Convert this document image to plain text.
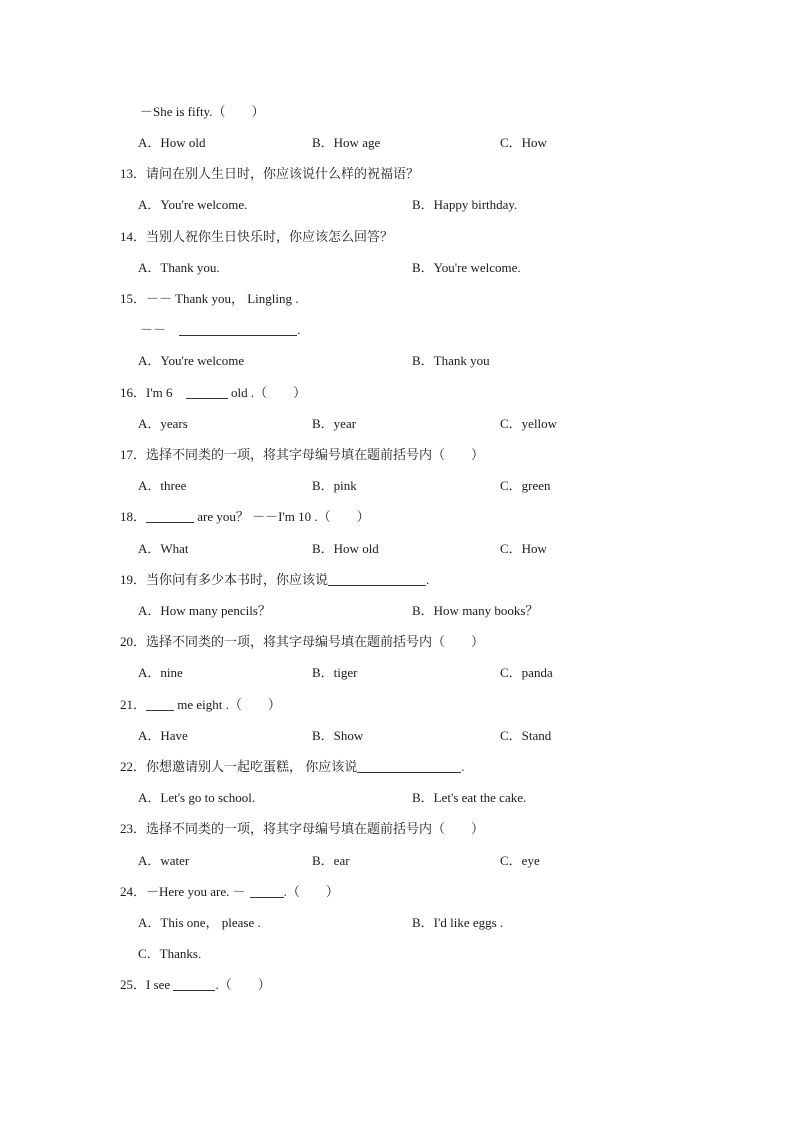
－She is fifty.（　　）
A．How old	B．How age	C．How
13．请问在别人生日时，你应该说什么样的祝福语？
A．You're welcome.	B．Happy birthday.
14．当别人祝你生日快乐时，你应该怎么回答？
A．Thank you.	B．You're welcome.
15．－－ Thank you， Lingling .
－－	.
A．You're welcome	B．Thank you
16．I'm 6	old .（　　）
A．years	B．year	C．yellow
17．选择不同类的一项，将其字母编号填在题前括号内（　　）
A．three	B．pink	C．green
18．	are you？ －－I'm 10 .（　　）
A．What	B．How old	C．How
19．当你问有多少本书时，你应该说	.
A．How many pencils？	B．How many books？
20．选择不同类的一项，将其字母编号填在题前括号内（　　）
A．nine	B．tiger	C．panda
21． me eight .（　　）
A．Have	B．Show	C．Stand
22．你想邀请别人一起吃蛋糕， 你应该说	.
A．Let's go to school.	B．Let's eat the cake.
23．选择不同类的一项，将其字母编号填在题前括号内（　　）
A．water	B．ear	C．eye
24．－Here you are. －	.（　　）
A．This one， please .	B．I'd like eggs .
C．Thanks.
25．I see	.（　　）
